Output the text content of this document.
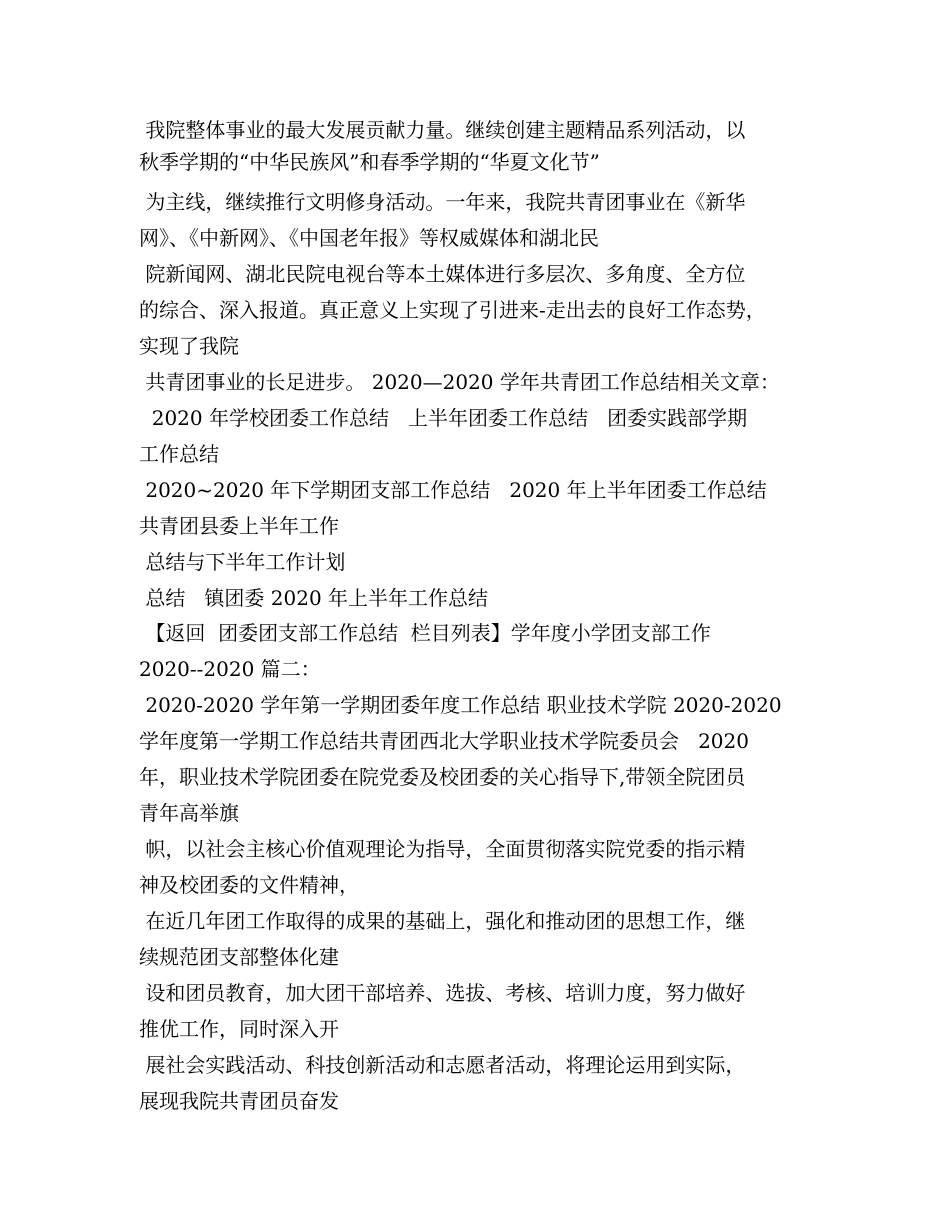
我院整体事业的最大发展贡献力量。继续创建主题精品系列活动，以
秋季学期的“中华民族风”和春季学期的“华夏文化节”
为主线，继续推行文明修身活动。一年来，我院共青团事业在《新华
网》、《中新网》、《中国老年报》等权威媒体和湖北民
院新闻网、湖北民院电视台等本土媒体进行多层次、多角度、全方位
的综合、深入报道。真正意义上实现了引进来-走出去的良好工作态势，
实现了我院
共青团事业的长足进步。 2020—2020 学年共青团工作总结相关文章：
2020 年学校团委工作总结   上半年团委工作总结   团委实践部学期
工作总结
2020~2020 年下学期团支部工作总结   2020 年上半年团委工作总结
共青团县委上半年工作
总结与下半年工作计划
总结   镇团委 2020 年上半年工作总结
【返回  团委团支部工作总结  栏目列表】学年度小学团支部工作
2020--2020 篇二：
2020-2020 学年第一学期团委年度工作总结 职业技术学院 2020-2020
学年度第一学期工作总结共青团西北大学职业技术学院委员会   2020
年，职业技术学院团委在院党委及校团委的关心指导下,带领全院团员
青年高举旗
帜，以社会主核心价值观理论为指导，全面贯彻落实院党委的指示精
神及校团委的文件精神，
在近几年团工作取得的成果的基础上，强化和推动团的思想工作，继
续规范团支部整体化建
设和团员教育，加大团干部培养、选拔、考核、培训力度，努力做好
推优工作，同时深入开
展社会实践活动、科技创新活动和志愿者活动，将理论运用到实际，
展现我院共青团员奋发
